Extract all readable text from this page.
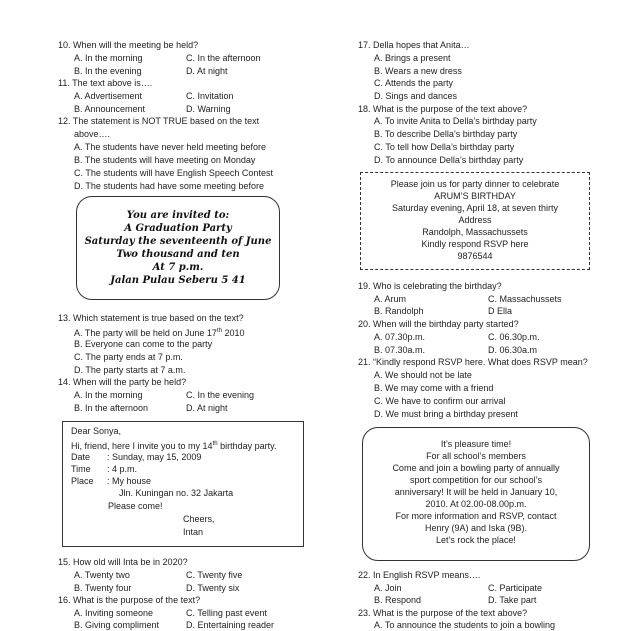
10. When will the meeting be held?
A. In the morning	C. In the afternoon
B. In the evening	D. At night
11. The text above is….
A. Advertisement	C. Invitation
B. Announcement	D. Warning
12. The statement is NOT TRUE based on the text
above….
A. The students have never held meeting before
B. The students will have meeting on Monday
C. The students will have English Speech Contest
D. The students had have some meeting before
You are invited to:
A Graduation Party
Saturday the seventeenth of June
Two thousand and ten
At 7 p.m.
Jalan Pulau Seberu 5 41
13. Which statement is true based on the text?
A. The party will be held on June 17th 2010
B. Everyone can come to the party
C. The party ends at 7 p.m.
D. The party starts at 7 a.m.
14. When will the party be held?
A. In the morning	C. In the evening
B. In the afternoon	D. At night
Dear Sonya,
Hi, friend, here I invite you to my 14th birthday party.
Date : Sunday, may 15, 2009
Time : 4 p.m.
Place : My house
Jln. Kuningan no. 32 Jakarta
Please come!
Cheers,
Intan
15. How old will Inta be in 2020?
A. Twenty two	C. Twenty five
B. Twenty four	D. Twenty six
16. What is the purpose of the text?
A. Inviting someone	C. Telling past event
B. Giving compliment	D. Entertaining reader
17. Della hopes that Anita…
A. Brings a present
B. Wears a new dress
C. Attends the party
D. Sings and dances
18. What is the purpose of the text above?
A. To invite Anita to Della’s birthday party
B. To describe Della’s birthday party
C. To tell how Della’s birthday party
D. To announce Della’s birthday party
Please join us for party dinner to celebrate
ARUM’S BIRTHDAY
Saturday evening, April 18, at seven thirty
Address
Randolph, Massachussets
Kindly respond RSVP here
9876544
19. Who is celebrating the birthday?
A. Arum	C. Massachussets
B. Randolph	D Ella
20. When will the birthday party started?
A. 07.30p.m.	C. 06.30p.m.
B. 07.30a.m.	D. 06.30a.m
21. “Kindly respond RSVP here. What does RSVP mean?
A. We should not be late
B. We may come with a friend
C. We have to confirm our arrival
D. We must bring a birthday present
It’s pleasure time!
For all school’s members
Come and join a bowling party of annually
sport competition for our school’s
anniversary! It will be held in January 10,
2010. At 02.00-08.00p.m.
For more information and RSVP, contact
Henry (9A) and Iska (9B).
Let’s rock the place!
22. In English RSVP means….
A. Join	C. Participate
B. Respond	D. Take part
23. What is the purpose of the text above?
A. To announce the students to join a bowling
